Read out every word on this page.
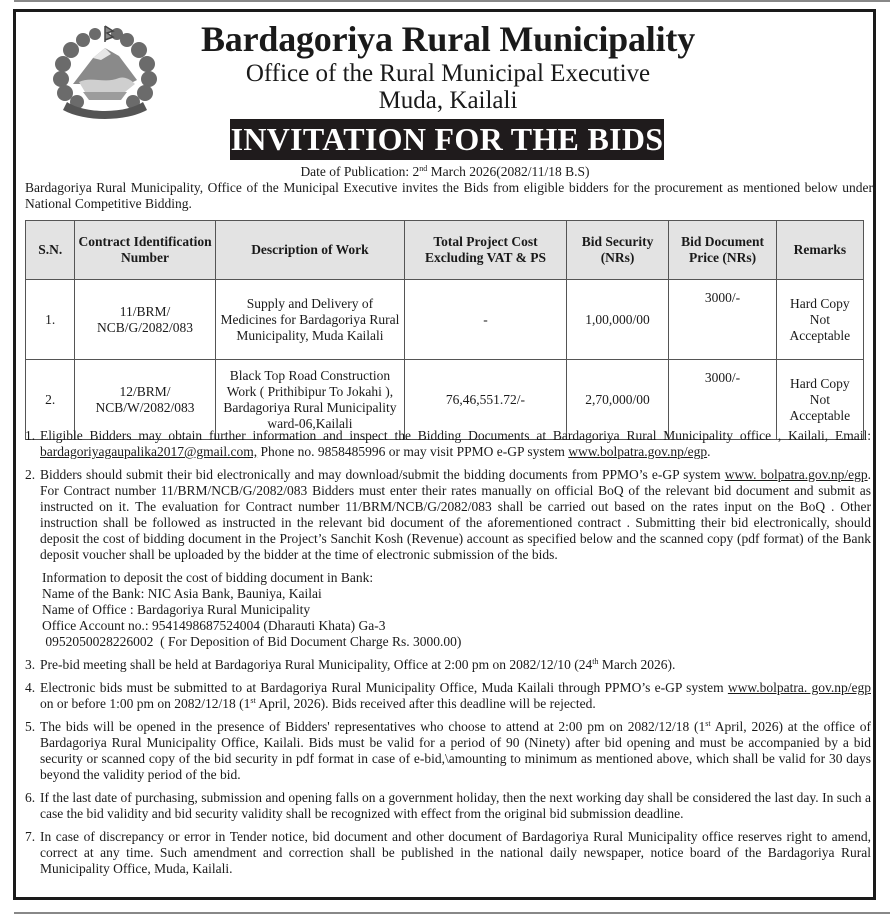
Bardagoriya Rural Municipality
Office of the Rural Municipal Executive
Muda, Kailali
INVITATION FOR THE BIDS
Date of Publication: 2nd March 2026(2082/11/18 B.S)
Bardagoriya Rural Municipality, Office of the Municipal Executive invites the Bids from eligible bidders for the procurement as mentioned below under National Competitive Bidding.
S.N.	Contract Identification Number	Description of Work	Total Project Cost Excluding VAT & PS	Bid Security (NRs)	Bid Document Price (NRs)	Remarks
1.	11/BRM/ NCB/G/2082/083	Supply and Delivery of Medicines for Bardagoriya Rural Municipality, Muda Kailali	-	1,00,000/00	3000/-	Hard Copy Not Acceptable
2.	12/BRM/ NCB/W/2082/083	Black Top Road Construction Work ( Prithibipur To Jokahi ), Bardagoriya Rural Municipality ward-06,Kailali	76,46,551.72/-	2,70,000/00	3000/-	Hard Copy Not Acceptable
1. Eligible Bidders may obtain further information and inspect the Bidding Documents at Bardagoriya Rural Municipality office , Kailali, Email: bardagoriyagaupalika2017@gmail.com, Phone no. 9858485996 or may visit PPMO e-GP system www.bolpatra.gov.np/egp.
2. Bidders should submit their bid electronically and may download/submit the bidding documents from PPMO’s e-GP system www. bolpatra.gov.np/egp. For Contract number 11/BRM/NCB/G/2082/083 Bidders must enter their rates manually on official BoQ of the relevant bid document and submit as instructed on it. The evaluation for Contract number 11/BRM/NCB/G/2082/083 shall be carried out based on the rates input on the BoQ . Other instruction shall be followed as instructed in the relevant bid document of the aforementioned contract . Submitting their bid electronically, should deposit the cost of bidding document in the Project’s Sanchit Kosh (Revenue) account as specified below and the scanned copy (pdf format) of the Bank deposit voucher shall be uploaded by the bidder at the time of electronic submission of the bids.
Information to deposit the cost of bidding document in Bank:
Name of the Bank: NIC Asia Bank, Bauniya, Kailai
Name of Office : Bardagoriya Rural Municipality
Office Account no.: 9541498687524004 (Dharauti Khata) Ga-3
0952050028226002  ( For Deposition of Bid Document Charge Rs. 3000.00)
3. Pre-bid meeting shall be held at Bardagoriya Rural Municipality, Office at 2:00 pm on 2082/12/10 (24th March 2026).
4. Electronic bids must be submitted to at Bardagoriya Rural Municipality Office, Muda Kailali through PPMO’s e-GP system www.bolpatra. gov.np/egp on or before 1:00 pm on 2082/12/18 (1st April, 2026). Bids received after this deadline will be rejected.
5. The bids will be opened in the presence of Bidders' representatives who choose to attend at 2:00 pm on 2082/12/18 (1st April, 2026) at the office of Bardagoriya Rural Municipality Office, Kailali. Bids must be valid for a period of 90 (Ninety) after bid opening and must be accompanied by a bid security or scanned copy of the bid security in pdf format in case of e-bid,\amounting to minimum as mentioned above, which shall be valid for 30 days beyond the validity period of the bid.
6. If the last date of purchasing, submission and opening falls on a government holiday, then the next working day shall be considered the last day. In such a case the bid validity and bid security validity shall be recognized with effect from the original bid submission deadline.
7. In case of discrepancy or error in Tender notice, bid document and other document of Bardagoriya Rural Municipality office reserves right to amend, correct at any time. Such amendment and correction shall be published in the national daily newspaper, notice board of the Bardagoriya Rural Municipality Office, Muda, Kailali.
